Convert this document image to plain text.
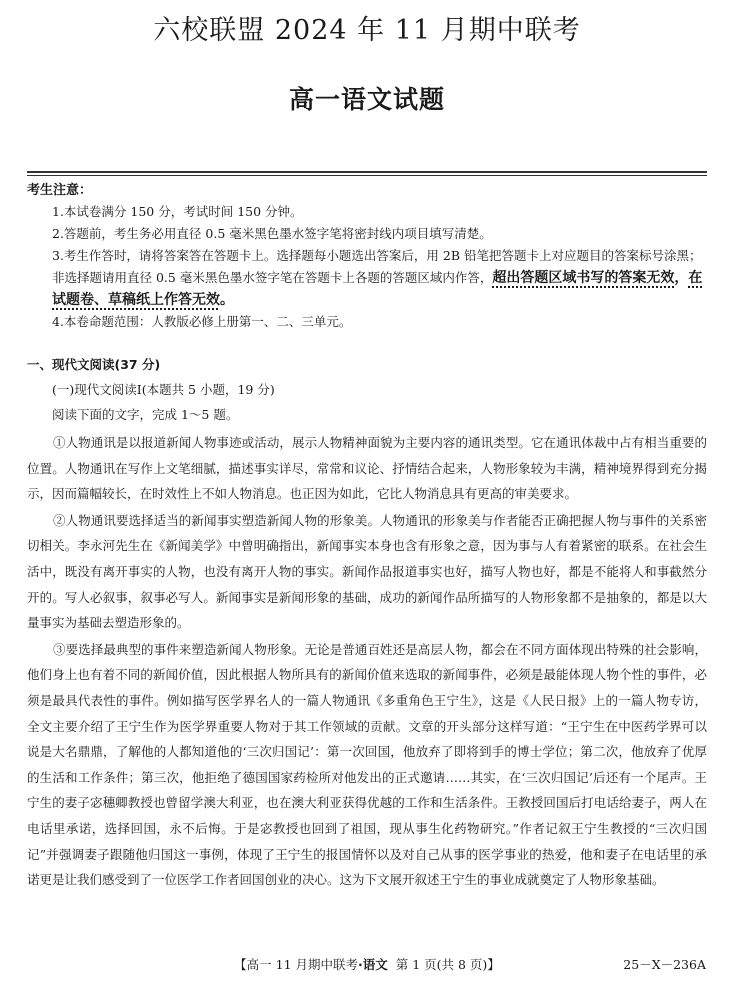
六校联盟 2024 年 11 月期中联考
高一语文试题
考生注意：

1.本试卷满分 150 分，考试时间 150 分钟。

2.答题前，考生务必用直径 0.5 毫米黑色墨水签字笔将密封线内项目填写清楚。

3.考生作答时，请将答案答在答题卡上。选择题每小题选出答案后，用 2B 铅笔把答题卡上对应题目的答案标号涂黑；非选择题请用直径 0.5 毫米黑色墨水签字笔在答题卡上各题的答题区域内作答，超出答题区域书写的答案无效，在试题卷、草稿纸上作答无效。

4.本卷命题范围：人教版必修上册第一、二、三单元。

一、现代文阅读(37 分)
(一)现代文阅读Ⅰ(本题共 5 小题，19 分)
阅读下面的文字，完成 1～5 题。

①人物通讯是以报道新闻人物事迹或活动，展示人物精神面貌为主要内容的通讯类型。它在通讯体裁中占有相当重要的位置。人物通讯在写作上文笔细腻，描述事实详尽，常常和议论、抒情结合起来，人物形象较为丰满，精神境界得到充分揭示，因而篇幅较长，在时效性上不如人物消息。也正因为如此，它比人物消息具有更高的审美要求。

②人物通讯要选择适当的新闻事实塑造新闻人物的形象美。人物通讯的形象美与作者能否正确把握人物与事件的关系密切相关。李永河先生在《新闻美学》中曾明确指出，新闻事实本身也含有形象之意，因为事与人有着紧密的联系。在社会生活中，既没有离开事实的人物，也没有离开人物的事实。新闻作品报道事实也好，描写人物也好，都是不能将人和事截然分开的。写人必叙事，叙事必写人。新闻事实是新闻形象的基础，成功的新闻作品所描写的人物形象都不是抽象的，都是以大量事实为基础去塑造形象的。

③要选择最典型的事件来塑造新闻人物形象。无论是普通百姓还是高层人物，都会在不同方面体现出特殊的社会影响，他们身上也有着不同的新闻价值，因此根据人物所具有的新闻价值来选取的新闻事件，必须是最能体现人物个性的事件，必须是最具代表性的事件。例如描写医学界名人的一篇人物通讯《多重角色王宁生》，这是《人民日报》上的一篇人物专访，全文主要介绍了王宁生作为医学界重要人物对于其工作领域的贡献。文章的开头部分这样写道：“王宁生在中医药学界可以说是大名鼎鼎，了解他的人都知道他的‘三次归国记’：第一次回国，他放弃了即将到手的博士学位；第二次，他放弃了优厚的生活和工作条件；第三次，他拒绝了德国国家药检所对他发出的正式邀请……其实，在‘三次归国记’后还有一个尾声。王宁生的妻子宓穗卿教授也曾留学澳大利亚，也在澳大利亚获得优越的工作和生活条件。王教授回国后打电话给妻子，两人在电话里承诺，选择回国，永不后悔。于是宓教授也回到了祖国，现从事生化药物研究。”作者记叙王宁生教授的“三次归国记”并强调妻子跟随他归国这一事例，体现了王宁生的报国情怀以及对自己从事的医学事业的热爱，他和妻子在电话里的承诺更是让我们感受到了一位医学工作者回国创业的决心。这为下文展开叙述王宁生的事业成就奠定了人物形象基础。

【高一 11 月期中联考·语文 第 1 页(共 8 页)】	25－X－236A
